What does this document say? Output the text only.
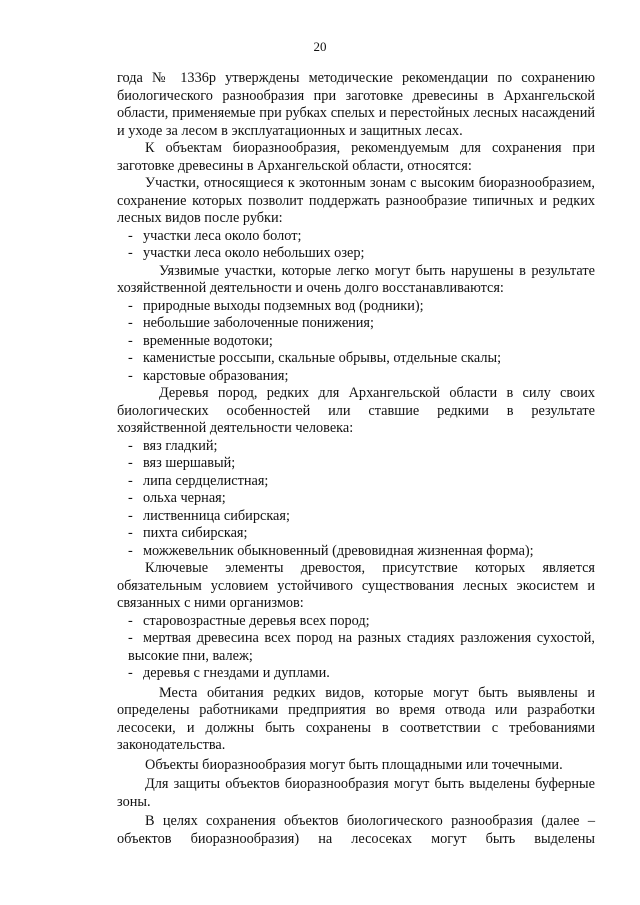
20

года № 1336р утверждены методические рекомендации по сохранению биологического разнообразия при заготовке древесины в Архангельской области, применяемые при рубках спелых и перестойных лесных насаждений и уходе за лесом в эксплуатационных и защитных лесах.

К объектам биоразнообразия, рекомендуемым для сохранения при заготовке древесины в Архангельской области, относятся:

Участки, относящиеся к экотонным зонам с высоким биоразнообразием, сохранение которых позволит поддержать разнообразие типичных и редких лесных видов после рубки:

- участки леса около болот;
- участки леса около небольших озер;

Уязвимые участки, которые легко могут быть нарушены в результате хозяйственной деятельности и очень долго восстанавливаются:

- природные выходы подземных вод (родники);
- небольшие заболоченные понижения;
- временные водотоки;
- каменистые россыпи, скальные обрывы, отдельные скалы;
- карстовые образования;

Деревья пород, редких для Архангельской области в силу своих биологических особенностей или ставшие редкими в результате хозяйственной деятельности человека:

- вяз гладкий;
- вяз шершавый;
- липа сердцелистная;
- ольха черная;
- лиственница сибирская;
- пихта сибирская;
- можжевельник обыкновенный (древовидная жизненная форма);

Ключевые элементы древостоя, присутствие которых является обязательным условием устойчивого существования лесных экосистем и связанных с ними организмов:

- старовозрастные деревья всех пород;
- мертвая древесина всех пород на разных стадиях разложения сухостой, высокие пни, валеж;
- деревья с гнездами и дуплами.

Места обитания редких видов, которые могут быть выявлены и определены работниками предприятия во время отвода или разработки лесосеки, и должны быть сохранены в соответствии с требованиями законодательства.

Объекты биоразнообразия могут быть площадными или точечными.

Для защиты объектов биоразнообразия могут быть выделены буферные зоны.

В целях сохранения объектов биологического разнообразия (далее – объектов биоразнообразия) на лесосеках могут быть выделены
